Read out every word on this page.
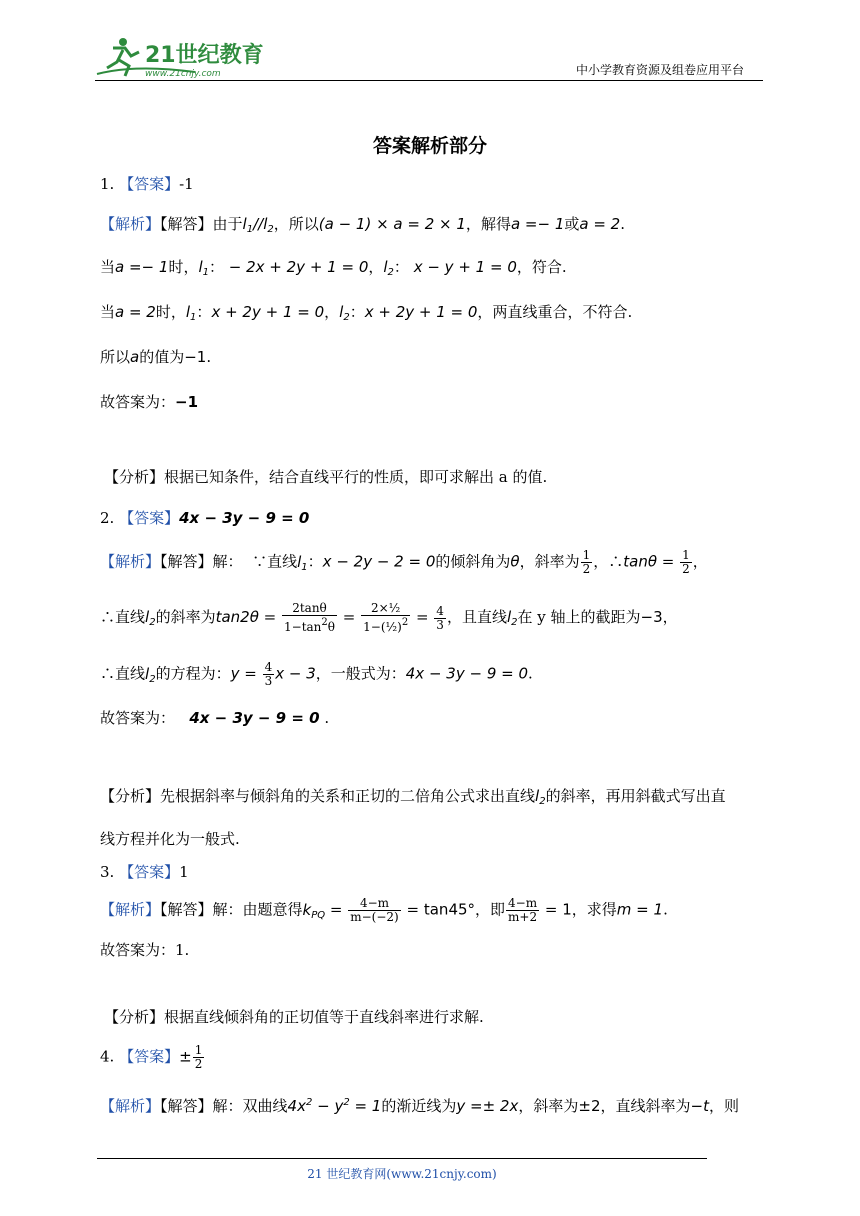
21世纪教育
www.21cnjy.com	中小学教育资源及组卷应用平台
答案解析部分
1. 【答案】-1
【解析】【解答】由于$l_1//l_2$，所以(a − 1) × a = 2 × 1，解得a =− 1或a = 2.
当a =− 1时，$l_1$： − 2x + 2y + 1 = 0，$l_2$： x − y + 1 = 0，符合.
当a = 2时，$l_1$：x + 2y + 1 = 0，$l_2$：x + 2y + 1 = 0，两直线重合，不符合.
所以a的值为−1.
故答案为：−1
【分析】根据已知条件，结合直线平行的性质，即可求解出 a 的值.
2. 【答案】4x − 3y − 9 = 0
【解析】【解答】解： ∵直线$l_1$：x − 2y − 2 = 0的倾斜角为θ，斜率为 $\frac{1}{2}$ ，∴tanθ = $\frac{1}{2}$ ，
∴直线$l_2$的斜率为$\tan 2\theta = \frac{2\tan\theta}{1-\tan^2\theta} = \frac{\text{2×½}}{1-(\frac{1}{2})^2} = \frac{4}{3}$ ，且直线$l_2$在 y 轴上的截距为−3，
∴直线$l_2$的方程为：$y = \frac{4}{3}$ x − 3，一般式为：4x − 3y − 9 = 0.
故答案为： 4x − 3y − 9 = 0 .
【分析】先根据斜率与倾斜角的关系和正切的二倍角公式求出直线$l_2$的斜率，再用斜截式写出直
线方程并化为一般式.
3. 【答案】1
【解析】【解答】解：由题意得$k_{PQ} = \frac{4-m}{m-(-2)} = \tan 45^\circ$，即 $\frac{4-m}{m+2} = 1$，求得m = 1.
故答案为：1.
【分析】根据直线倾斜角的正切值等于直线斜率进行求解.
4. 【答案】± $\frac{1}{2}$
【解析】【解答】解：双曲线$4x^2 - y^2 = 1$的渐近线为y =± 2x，斜率为±2，直线斜率为−t，则
21 世纪教育网(www.21cnjy.com)
